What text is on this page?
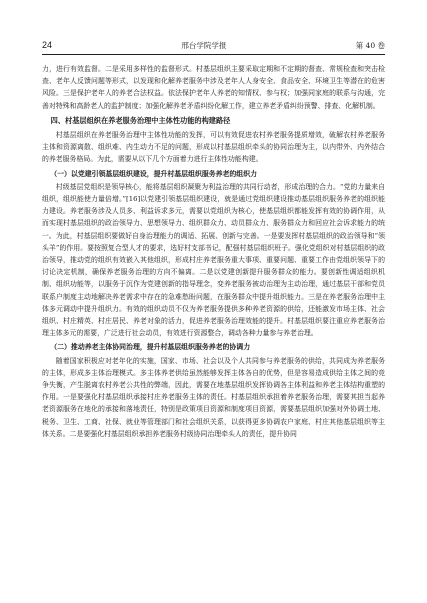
24	邢台学院学报	第 40 卷

力，进行有效监督。二是采用多样性的监督形式。村基层组织主要采取定期和不定期的督查、常规检查和突击检查、老年人反馈问题等形式，以发现和化解养老服务中涉及老年人人身安全、食品安全、环境卫生等潜在的危害风险。三是保护老年人的养老合法权益。依法保护老年人养老的知情权、参与权；加强同家庭的联系与沟通，完善对特殊和高龄老人的监护制度；加强化解养老矛盾纠纷化解工作，建立养老矛盾纠纷预警、排查、化解机制。

四、村基层组织在养老服务治理中主体性功能的构建路径

村基层组织在养老服务治理中主体性功能的发挥，可以有效促进农村养老服务提质增效，破解农村养老服务主体和资源离散、组织难、内生动力不足的问题，形成以村基层组织牵头的协同治理为主，以内带外、内外结合的养老服务格局。为此，需要从以下几个方面着力进行主体性功能构建。

（一）以党建引领基层组织建设，提升村基层组织服务养老的组织力

村级基层党组织是领导核心，能将基层组织凝聚为利益治理的共同行动者，形成治理的合力。“党的力量来自组织，组织能使力量倍增。”[16]以党建引领基层组织建设，就是通过党组织建设推动基层组织服务养老的组织能力建设。养老服务涉及人员多、利益诉求多元，需要以党组织为核心，使基层组织都能发挥有效的协调作用，从而实现村基层组织的政治领导力、思想领导力、组织群众力、动员群众力、服务群众力和回应社会诉求能力的统一。为此，村基层组织要做好自身治理能力的调适、拓展、创新与完善。一是要发挥村基层组织的政治领导和“领头羊”的作用。要按照复合型人才的要求，选好村支部书记，配强村基层组织班子。强化党组织对村基层组织的政治领导，推动党的组织有效嵌入其他组织，形成村庄养老服务重大事项、重要问题、重要工作由党组织领导下的讨论决定机制，确保养老服务治理的方向不偏离。二是以党建创新提升服务群众的能力。要创新性调适组织机制、组织功能等，以服务于沉作为党建创新的指导理念，变养老服务被动治理为主动治理，通过基层干部和党员联系户制度主动地解决养老需求中存在的急难愁盼问题，在服务群众中提升组织能力。三是在养老服务治理中主体多元调动中提升组织力。有效的组织动员不仅为养老服务提供多种养老资源的供给，还能激发市场主体、社会组织、村庄精英、村庄居民、养老对象的活力，促进养老服务治理效能的提升。村基层组织要注重应养老服务治理主体多元的需要，广泛进行社会动员，有效进行资源整合，调动各种力量参与养老治理。

（二）推动养老主体协同治理，提升村基层组织服务养老的协调力

随着国家积极应对老年化的实施，国家、市场、社会以及个人共同参与养老服务的供给，共同成为养老服务的主体，形成多主体治理模式。多主体养老供给虽然能够发挥主体各自的优势，但是容易造成供给主体之间的竞争失衡，产生脱离农村养老公共性的弊端，因此，需要在地基层组织发挥协调各主体利益和养老主体结构重塑的作用。一是要强化村基层组织承接村庄养老服务主体的责任。村基层组织承担着养老服务治理，需要其担当起养老资源服务在地化的承接和落地责任，特别是政策项目资源和制度项目资源，需要基层组织加强对外协调土地、税务、卫生、工商、社保、就业等管理部门和社会组织关系，以获得更多协调农户家庭、村庄其他基层组织等主体关系。二是要强化村基层组织承担养老服务村级协同治理牵头人的责任，提升协同
